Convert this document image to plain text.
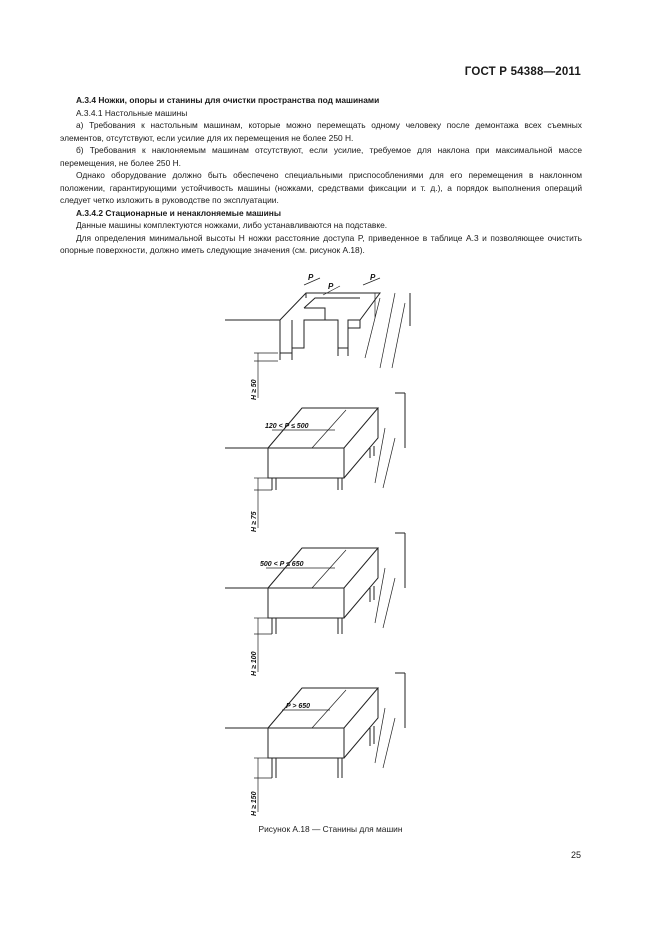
ГОСТ Р 54388—2011

А.3.4 Ножки, опоры и станины для очистки пространства под машинами

А.3.4.1 Настольные машины

а) Требования к настольным машинам, которые можно перемещать одному человеку после демонтажа всех съемных элементов, отсутствуют, если усилие для их перемещения не более 250 Н.

б) Требования к наклоняемым машинам отсутствуют, если усилие, требуемое для наклона при максимальной массе перемещения, не более 250 Н.

Однако оборудование должно быть обеспечено специальными приспособлениями для его перемещения в наклонном положении, гарантирующими устойчивость машины (ножками, средствами фиксации и т. д.), а порядок выполнения операций следует четко изложить в руководстве по эксплуатации.

А.3.4.2 Стационарные и ненаклоняемые машины

Данные машины комплектуются ножками, либо устанавливаются на подставке.

Для определения минимальной высоты H ножки расстояние доступа P, приведенное в таблице А.3 и позволяющее очистить опорные поверхности, должно иметь следующие значения (см. рисунок А.18).

P
P
P
H ≥ 50
120 < P ≤ 500
H ≥ 75
500 < P ≤ 650
H ≥ 100
P > 650
H ≥ 150
Рисунок А.18 — Станины для машин
25
